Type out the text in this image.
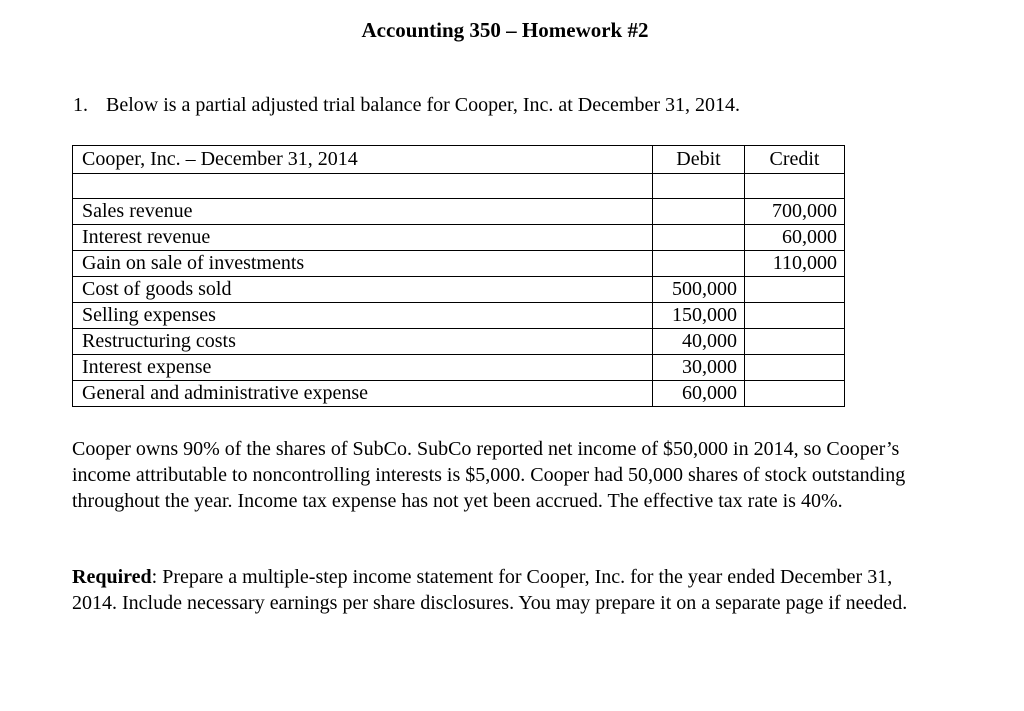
Accounting 350 – Homework #2
1. Below is a partial adjusted trial balance for Cooper, Inc. at December 31, 2014.
Cooper, Inc. – December 31, 2014	Debit	Credit

Sales revenue		700,000
Interest revenue		60,000
Gain on sale of investments		110,000
Cost of goods sold	500,000	
Selling expenses	150,000	
Restructuring costs	40,000	
Interest expense	30,000	
General and administrative expense	60,000	
Cooper owns 90% of the shares of SubCo. SubCo reported net income of $50,000 in 2014, so Cooper’s income attributable to noncontrolling interests is $5,000. Cooper had 50,000 shares of stock outstanding throughout the year. Income tax expense has not yet been accrued. The effective tax rate is 40%.
Required: Prepare a multiple-step income statement for Cooper, Inc. for the year ended December 31, 2014. Include necessary earnings per share disclosures. You may prepare it on a separate page if needed.
